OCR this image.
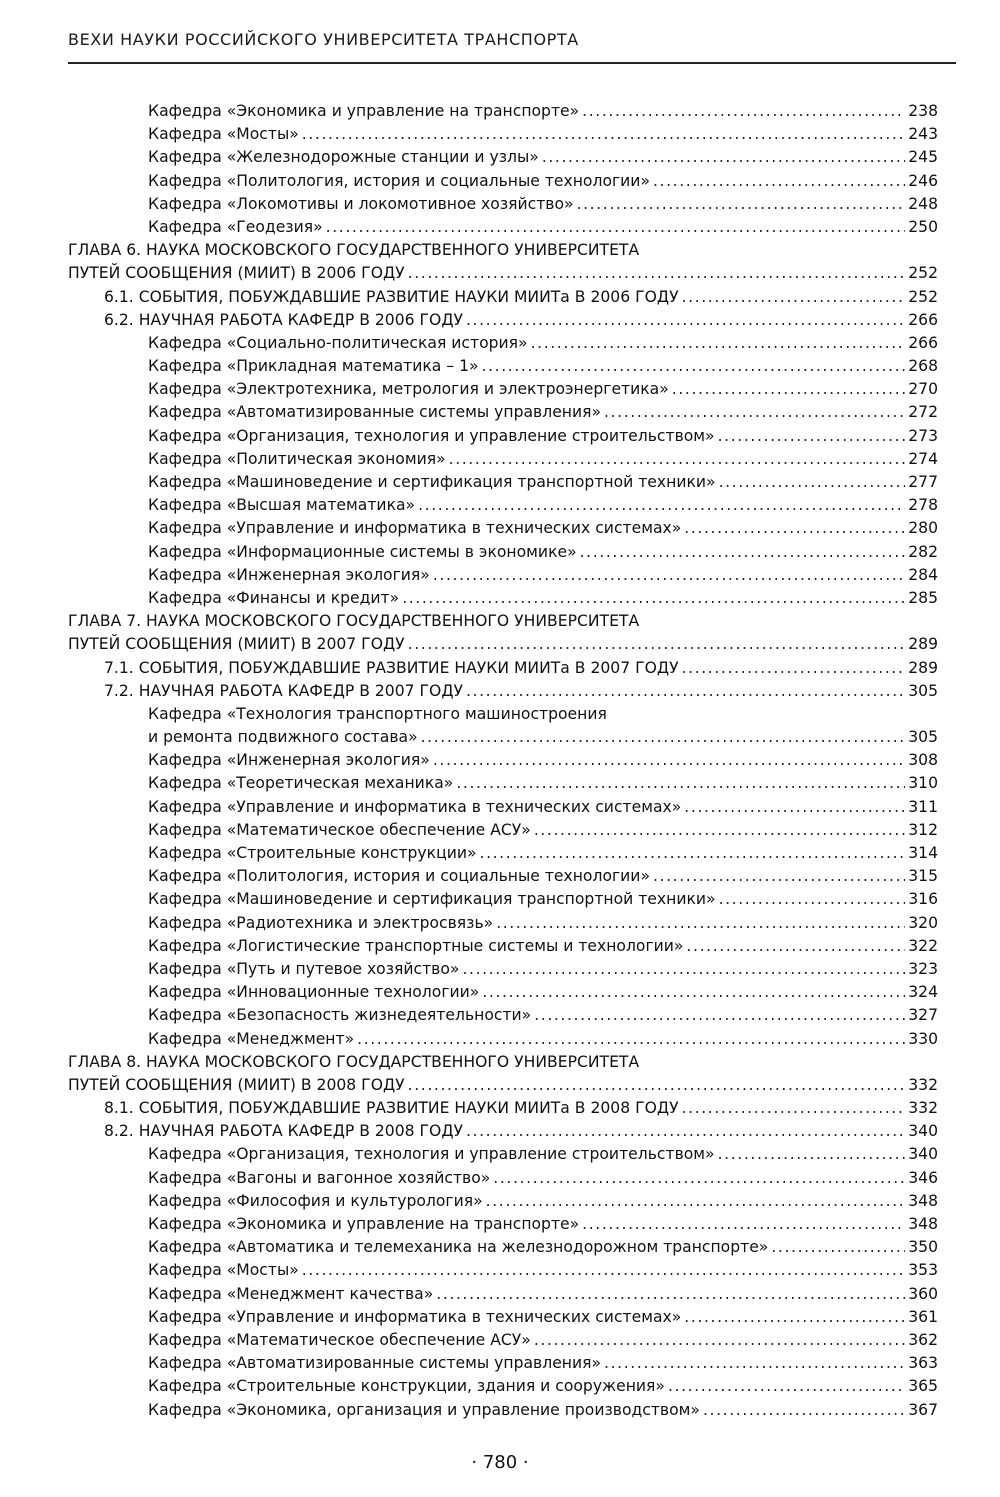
ВЕХИ НАУКИ РОССИЙСКОГО УНИВЕРСИТЕТА ТРАНСПОРТА
Кафедра «Экономика и управление на транспорте» .....	238
Кафедра «Мосты» .....	243
Кафедра «Железнодорожные станции и узлы» .....	245
Кафедра «Политология, история и социальные технологии» .....	246
Кафедра «Локомотивы и локомотивное хозяйство» .....	248
Кафедра «Геодезия» .....	250
ГЛАВА 6. НАУКА МОСКОВСКОГО ГОСУДАРСТВЕННОГО УНИВЕРСИТЕТА
ПУТЕЙ СООБЩЕНИЯ (МИИТ) В 2006 ГОДУ .....	252
6.1. СОБЫТИЯ, ПОБУЖДАВШИЕ РАЗВИТИЕ НАУКИ МИИТа В 2006 ГОДУ .....	252
6.2. НАУЧНАЯ РАБОТА КАФЕДР В 2006 ГОДУ .....	266
Кафедра «Социально-политическая история» .....	266
Кафедра «Прикладная математика – 1» .....	268
Кафедра «Электротехника, метрология и электроэнергетика» .....	270
Кафедра «Автоматизированные системы управления» .....	272
Кафедра «Организация, технология и управление строительством» .....	273
Кафедра «Политическая экономия» .....	274
Кафедра «Машиноведение и сертификация транспортной техники» .....	277
Кафедра «Высшая математика» .....	278
Кафедра «Управление и информатика в технических системах» .....	280
Кафедра «Информационные системы в экономике» .....	282
Кафедра «Инженерная экология» .....	284
Кафедра «Финансы и кредит» .....	285
ГЛАВА 7. НАУКА МОСКОВСКОГО ГОСУДАРСТВЕННОГО УНИВЕРСИТЕТА
ПУТЕЙ СООБЩЕНИЯ (МИИТ) В 2007 ГОДУ .....	289
7.1. СОБЫТИЯ, ПОБУЖДАВШИЕ РАЗВИТИЕ НАУКИ МИИТа В 2007 ГОДУ .....	289
7.2. НАУЧНАЯ РАБОТА КАФЕДР В 2007 ГОДУ .....	305
Кафедра «Технология транспортного машиностроения
и ремонта подвижного состава» .....	305
Кафедра «Инженерная экология» .....	308
Кафедра «Теоретическая механика» .....	310
Кафедра «Управление и информатика в технических системах» .....	311
Кафедра «Математическое обеспечение АСУ» .....	312
Кафедра «Строительные конструкции» .....	314
Кафедра «Политология, история и социальные технологии» .....	315
Кафедра «Машиноведение и сертификация транспортной техники» .....	316
Кафедра «Радиотехника и электросвязь» .....	320
Кафедра «Логистические транспортные системы и технологии» .....	322
Кафедра «Путь и путевое хозяйство» .....	323
Кафедра «Инновационные технологии» .....	324
Кафедра «Безопасность жизнедеятельности» .....	327
Кафедра «Менеджмент» .....	330
ГЛАВА 8. НАУКА МОСКОВСКОГО ГОСУДАРСТВЕННОГО УНИВЕРСИТЕТА
ПУТЕЙ СООБЩЕНИЯ (МИИТ) В 2008 ГОДУ .....	332
8.1. СОБЫТИЯ, ПОБУЖДАВШИЕ РАЗВИТИЕ НАУКИ МИИТа В 2008 ГОДУ .....	332
8.2. НАУЧНАЯ РАБОТА КАФЕДР В 2008 ГОДУ .....	340
Кафедра «Организация, технология и управление строительством» .....	340
Кафедра «Вагоны и вагонное хозяйство» .....	346
Кафедра «Философия и культурология» .....	348
Кафедра «Экономика и управление на транспорте» .....	348
Кафедра «Автоматика и телемеханика на железнодорожном транспорте» .....	350
Кафедра «Мосты» .....	353
Кафедра «Менеджмент качества» .....	360
Кафедра «Управление и информатика в технических системах» .....	361
Кафедра «Математическое обеспечение АСУ» .....	362
Кафедра «Автоматизированные системы управления» .....	363
Кафедра «Строительные конструкции, здания и сооружения» .....	365
Кафедра «Экономика, организация и управление производством» .....	367
· 780 ·
